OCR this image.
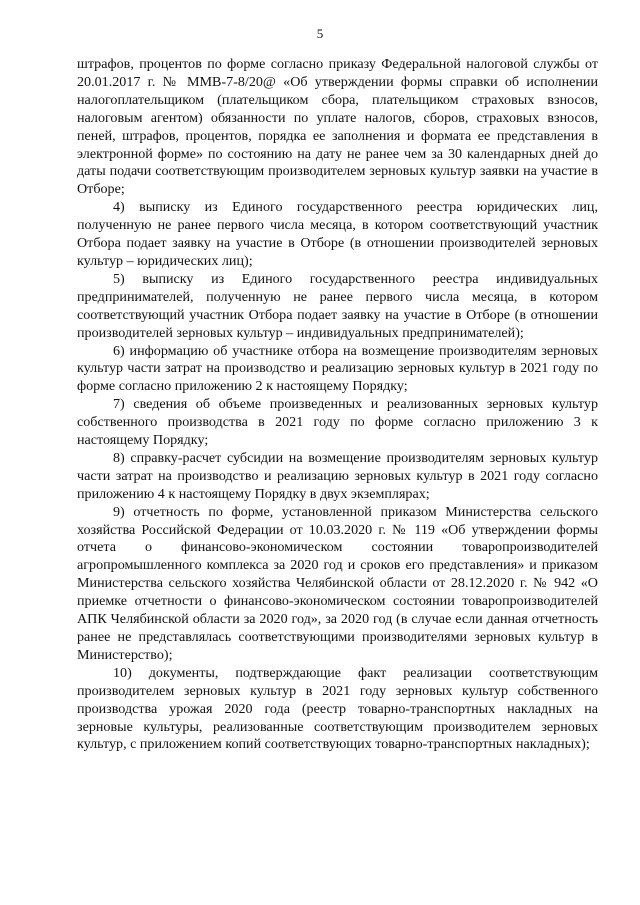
5

штрафов, процентов по форме согласно приказу Федеральной налоговой службы от 20.01.2017 г. № ММВ-7-8/20@ «Об утверждении формы справки об исполнении налогоплательщиком (плательщиком сбора, плательщиком страховых взносов, налоговым агентом) обязанности по уплате налогов, сборов, страховых взносов, пеней, штрафов, процентов, порядка ее заполнения и формата ее представления в электронной форме» по состоянию на дату не ранее чем за 30 календарных дней до даты подачи соответствующим производителем зерновых культур заявки на участие в Отборе;

4) выписку из Единого государственного реестра юридических лиц, полученную не ранее первого числа месяца, в котором соответствующий участник Отбора подает заявку на участие в Отборе (в отношении производителей зерновых культур – юридических лиц);

5) выписку из Единого государственного реестра индивидуальных предпринимателей, полученную не ранее первого числа месяца, в котором соответствующий участник Отбора подает заявку на участие в Отборе (в отношении производителей зерновых культур – индивидуальных предпринимателей);

6) информацию об участнике отбора на возмещение производителям зерновых культур части затрат на производство и реализацию зерновых культур в 2021 году по форме согласно приложению 2 к настоящему Порядку;

7) сведения об объеме произведенных и реализованных зерновых культур собственного производства в 2021 году по форме согласно приложению 3 к настоящему Порядку;

8) справку-расчет субсидии на возмещение производителям зерновых культур части затрат на производство и реализацию зерновых культур в 2021 году согласно приложению 4 к настоящему Порядку в двух экземплярах;

9) отчетность по форме, установленной приказом Министерства сельского хозяйства Российской Федерации от 10.03.2020 г. № 119 «Об утверждении формы отчета о финансово-экономическом состоянии товаропроизводителей агропромышленного комплекса за 2020 год и сроков его представления» и приказом Министерства сельского хозяйства Челябинской области от 28.12.2020 г. № 942 «О приемке отчетности о финансово-экономическом состоянии товаропроизводителей АПК Челябинской области за 2020 год», за 2020 год (в случае если данная отчетность ранее не представлялась соответствующими производителями зерновых культур в Министерство);

10) документы, подтверждающие факт реализации соответствующим производителем зерновых культур в 2021 году зерновых культур собственного производства урожая 2020 года (реестр товарно-транспортных накладных на зерновые культуры, реализованные соответствующим производителем зерновых культур, с приложением копий соответствующих товарно-транспортных накладных);
